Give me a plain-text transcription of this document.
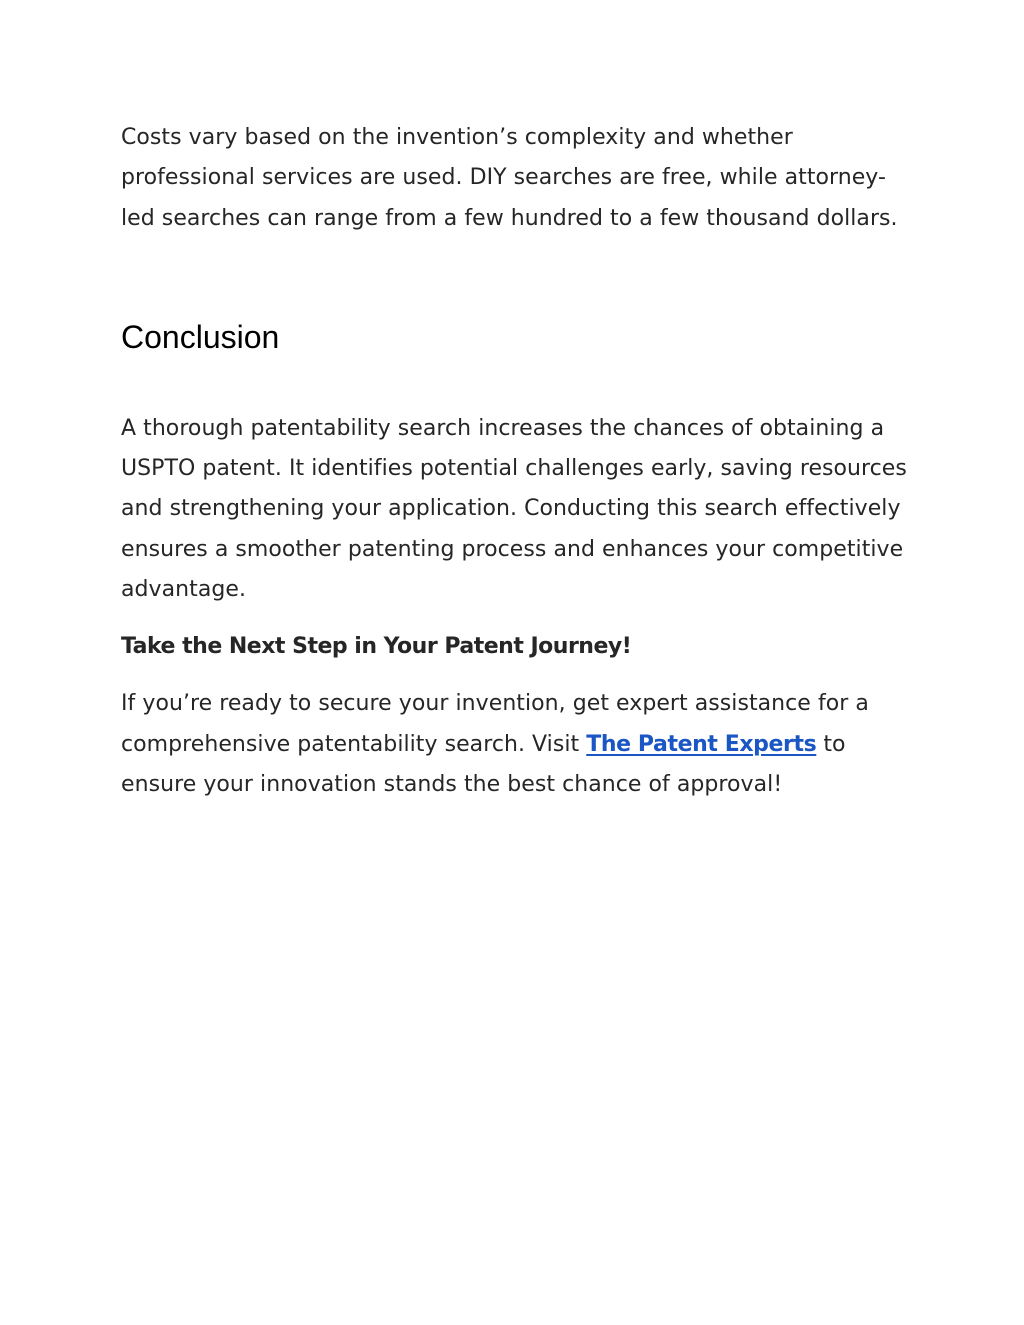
Costs vary based on the invention’s complexity and whether professional services are used. DIY searches are free, while attorney-led searches can range from a few hundred to a few thousand dollars.

Conclusion

A thorough patentability search increases the chances of obtaining a USPTO patent. It identifies potential challenges early, saving resources and strengthening your application. Conducting this search effectively ensures a smoother patenting process and enhances your competitive advantage.

Take the Next Step in Your Patent Journey!

If you’re ready to secure your invention, get expert assistance for a comprehensive patentability search. Visit The Patent Experts to ensure your innovation stands the best chance of approval!
